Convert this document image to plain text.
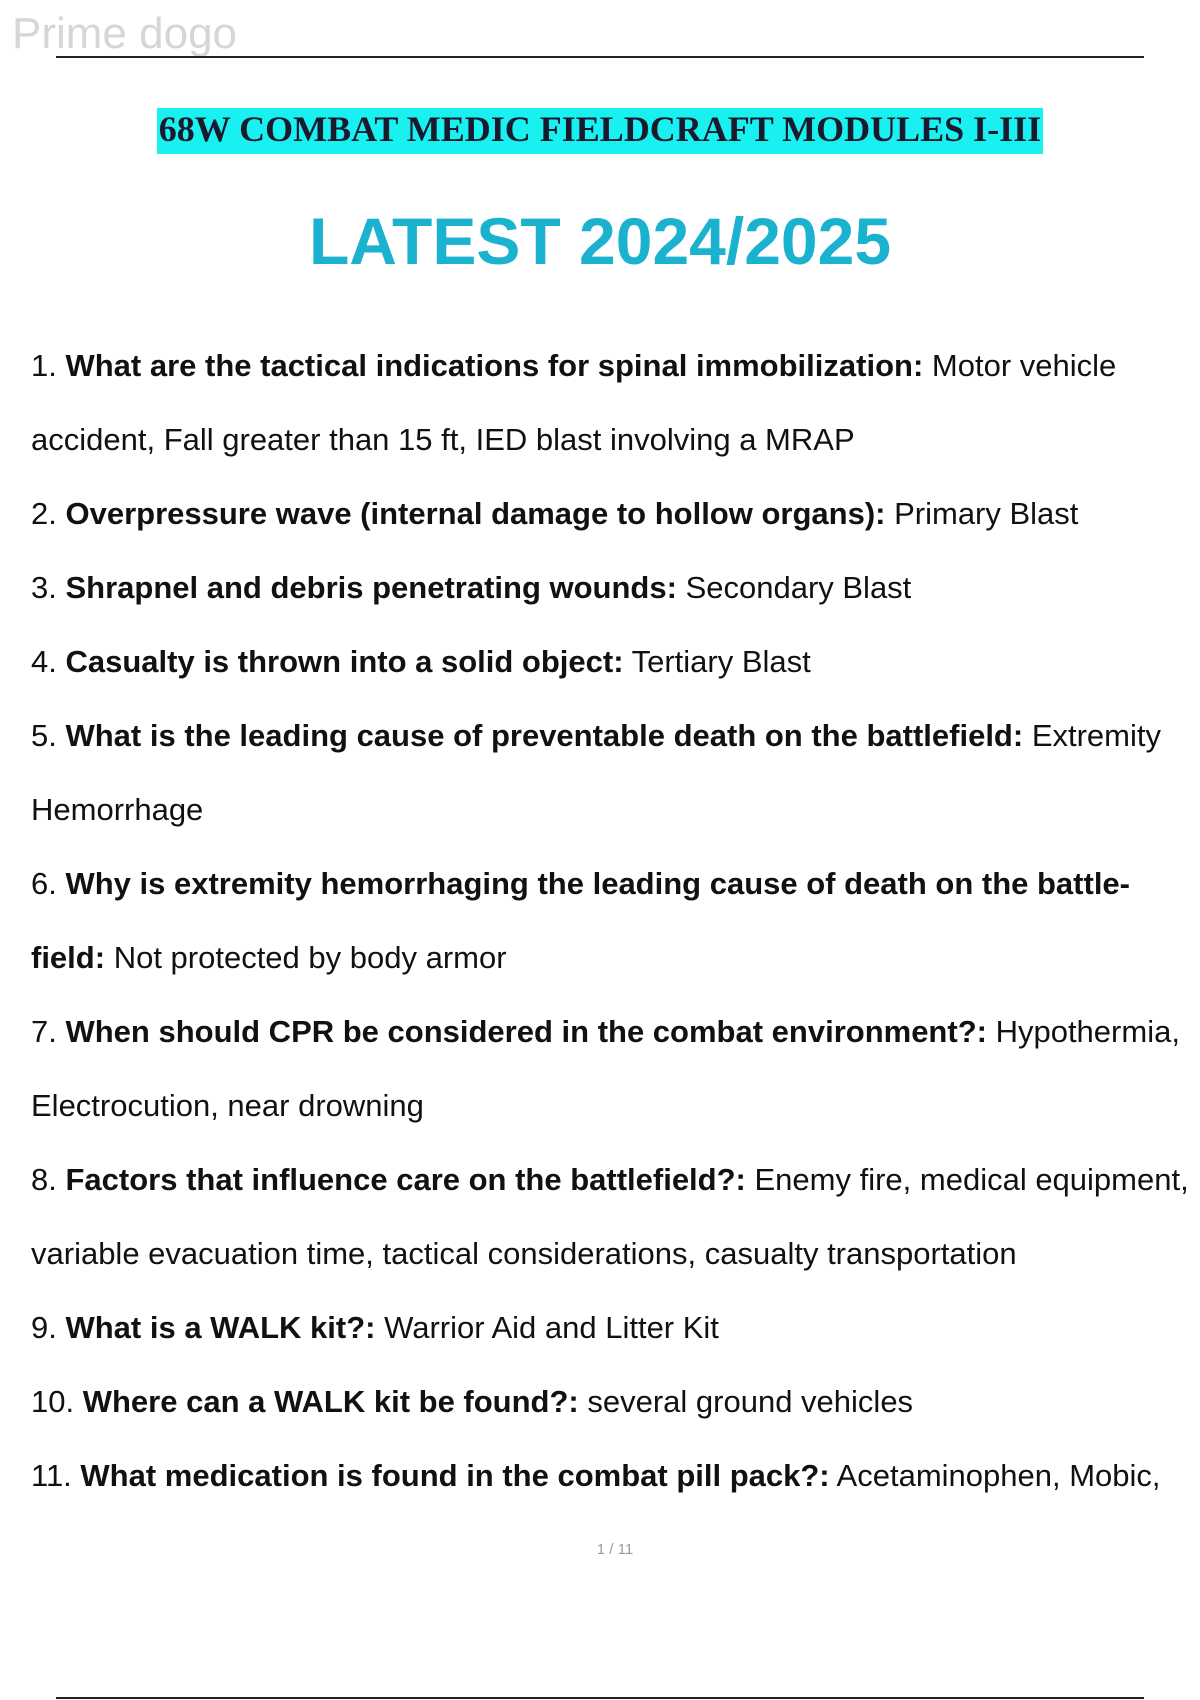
Prime dogo
68W COMBAT MEDIC FIELDCRAFT MODULES I-III
LATEST 2024/2025
1. What are the tactical indications for spinal immobilization: Motor vehicle accident, Fall greater than 15 ft, IED blast involving a MRAP
2. Overpressure wave (internal damage to hollow organs): Primary Blast
3. Shrapnel and debris penetrating wounds: Secondary Blast
4. Casualty is thrown into a solid object: Tertiary Blast
5. What is the leading cause of preventable death on the battlefield: Extremity Hemorrhage
6. Why is extremity hemorrhaging the leading cause of death on the battle-field: Not protected by body armor
7. When should CPR be considered in the combat environment?: Hypothermia, Electrocution, near drowning
8. Factors that influence care on the battlefield?: Enemy fire, medical equipment, variable evacuation time, tactical considerations, casualty transportation
9. What is a WALK kit?: Warrior Aid and Litter Kit
10. Where can a WALK kit be found?: several ground vehicles
11. What medication is found in the combat pill pack?: Acetaminophen, Mobic,
1 / 11
